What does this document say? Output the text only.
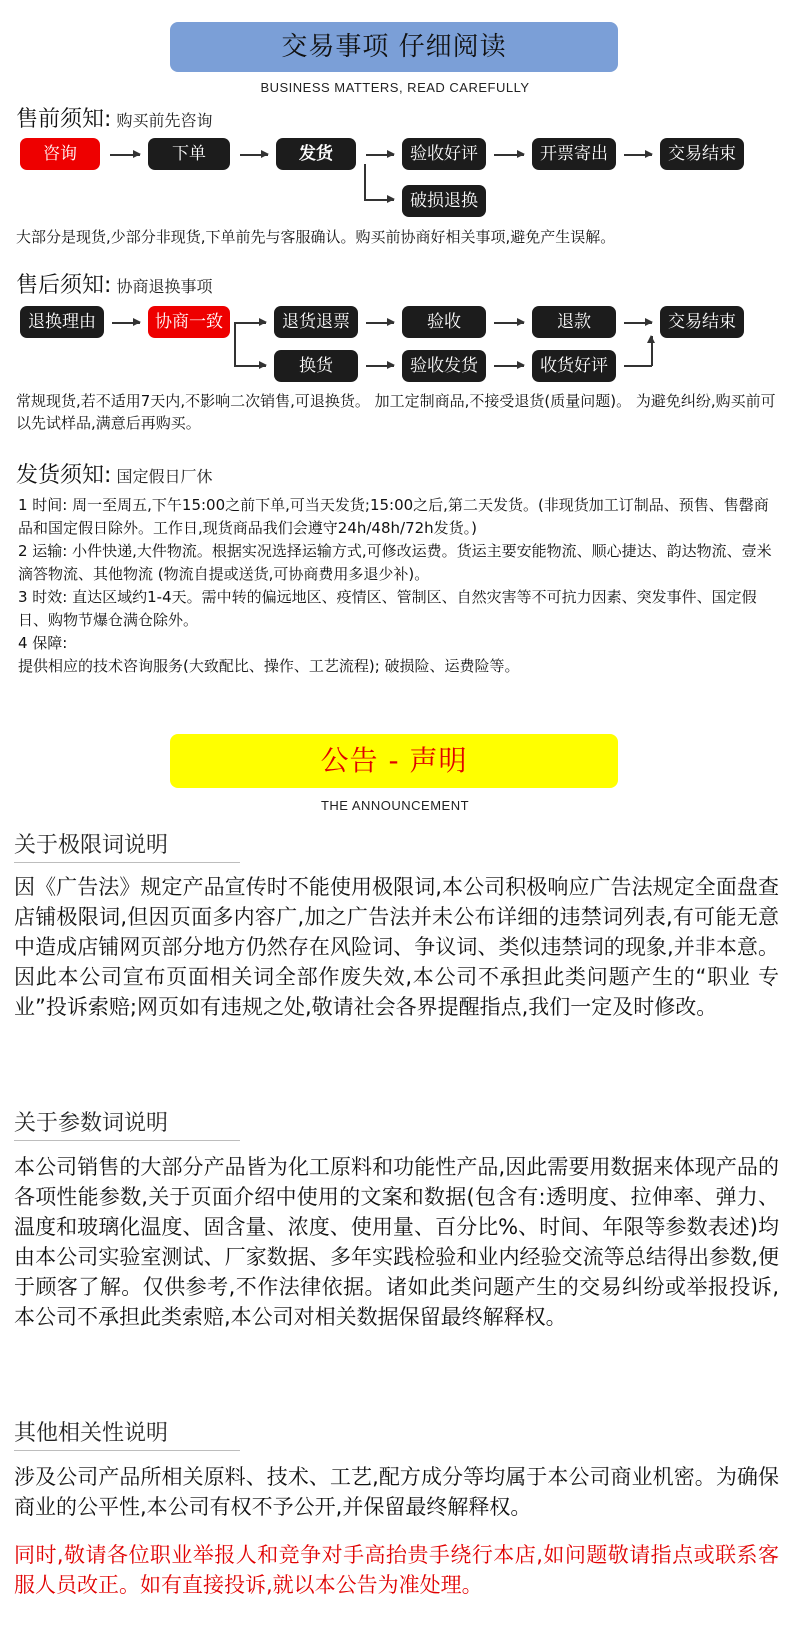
交易事项 仔细阅读
BUSINESS MATTERS, READ CAREFULLY
售前须知: 购买前先咨询
咨询	下单	发货	验收好评	开票寄出	交易结束
破损退换
大部分是现货,少部分非现货,下单前先与客服确认。购买前协商好相关事项,避免产生误解。
售后须知: 协商退换事项
退换理由	协商一致	退货退票	验收	退款	交易结束
换货	验收发货	收货好评
常规现货,若不适用7天内,不影响二次销售,可退换货。 加工定制商品,不接受退货(质量问题)。 为避免纠纷,购买前可以先试样品,满意后再购买。
发货须知: 国定假日厂休
1 时间: 周一至周五,下午15:00之前下单,可当天发货;15:00之后,第二天发货。(非现货加工订制品、预售、售罄商品和国定假日除外。工作日,现货商品我们会遵守24h/48h/72h发货。)
2 运输: 小件快递,大件物流。根据实况选择运输方式,可修改运费。货运主要安能物流、顺心捷达、韵达物流、壹米滴答物流、其他物流 (物流自提或送货,可协商费用多退少补)。
3 时效: 直达区域约1-4天。需中转的偏远地区、疫情区、管制区、自然灾害等不可抗力因素、突发事件、国定假日、购物节爆仓满仓除外。
4 保障:
提供相应的技术咨询服务(大致配比、操作、工艺流程); 破损险、运费险等。
公告 - 声明
THE ANNOUNCEMENT
关于极限词说明
因《广告法》规定产品宣传时不能使用极限词,本公司积极响应广告法规定全面盘查店铺极限词,但因页面多内容广,加之广告法并未公布详细的违禁词列表,有可能无意中造成店铺网页部分地方仍然存在风险词、争议词、类似违禁词的现象,并非本意。因此本公司宣布页面相关词全部作废失效,本公司不承担此类问题产生的“职业 专业”投诉索赔;网页如有违规之处,敬请社会各界提醒指点,我们一定及时修改。
关于参数词说明
本公司销售的大部分产品皆为化工原料和功能性产品,因此需要用数据来体现产品的各项性能参数,关于页面介绍中使用的文案和数据(包含有:透明度、拉伸率、弹力、温度和玻璃化温度、固含量、浓度、使用量、百分比%、时间、年限等参数表述)均由本公司实验室测试、厂家数据、多年实践检验和业内经验交流等总结得出参数,便于顾客了解。仅供参考,不作法律依据。诸如此类问题产生的交易纠纷或举报投诉,本公司不承担此类索赔,本公司对相关数据保留最终解释权。
其他相关性说明
涉及公司产品所相关原料、技术、工艺,配方成分等均属于本公司商业机密。为确保商业的公平性,本公司有权不予公开,并保留最终解释权。
同时,敬请各位职业举报人和竞争对手高抬贵手绕行本店,如问题敬请指点或联系客服人员改正。如有直接投诉,就以本公告为准处理。
